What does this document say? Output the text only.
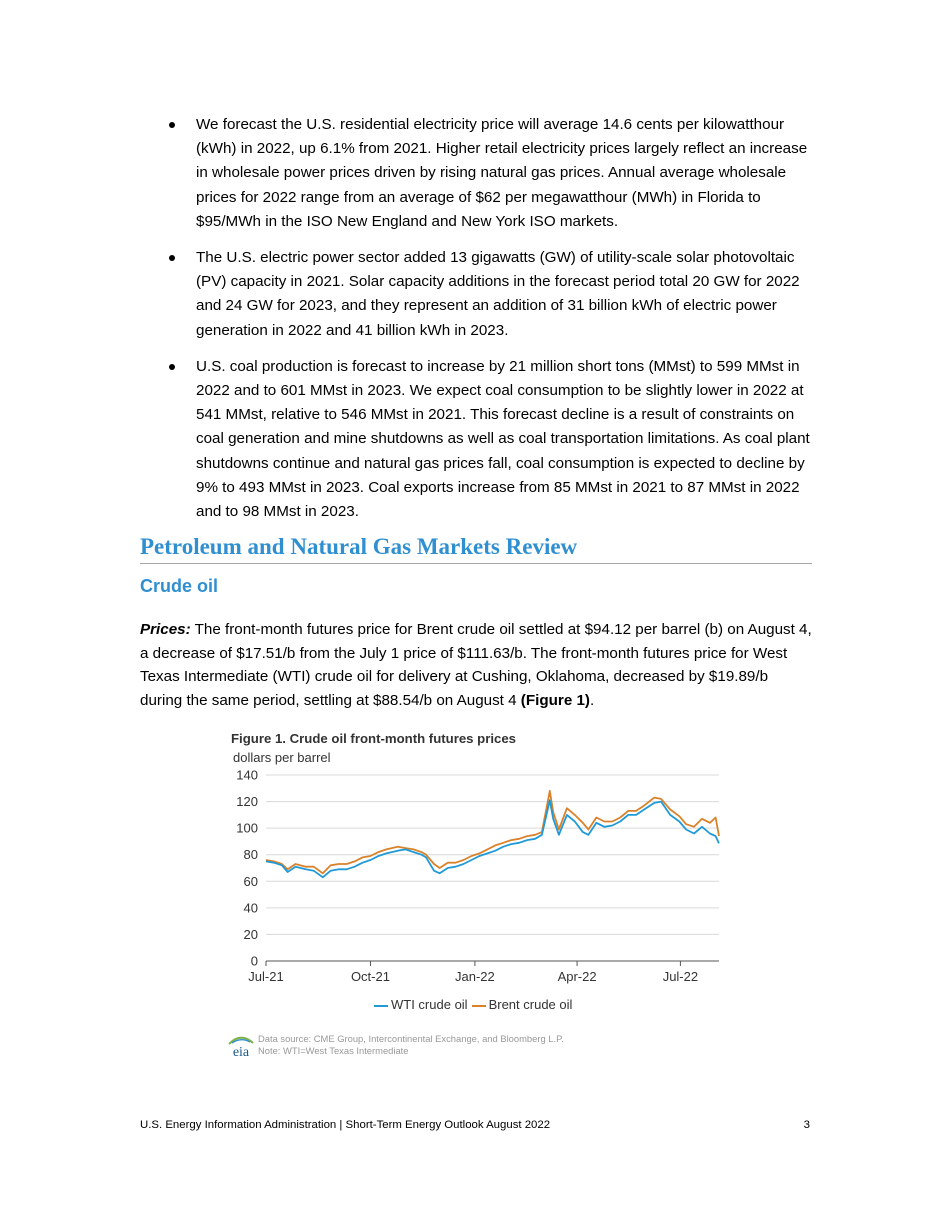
We forecast the U.S. residential electricity price will average 14.6 cents per kilowatthour (kWh) in 2022, up 6.1% from 2021. Higher retail electricity prices largely reflect an increase in wholesale power prices driven by rising natural gas prices. Annual average wholesale prices for 2022 range from an average of $62 per megawatthour (MWh) in Florida to $95/MWh in the ISO New England and New York ISO markets.
The U.S. electric power sector added 13 gigawatts (GW) of utility-scale solar photovoltaic (PV) capacity in 2021. Solar capacity additions in the forecast period total 20 GW for 2022 and 24 GW for 2023, and they represent an addition of 31 billion kWh of electric power generation in 2022 and 41 billion kWh in 2023.
U.S. coal production is forecast to increase by 21 million short tons (MMst) to 599 MMst in 2022 and to 601 MMst in 2023. We expect coal consumption to be slightly lower in 2022 at 541 MMst, relative to 546 MMst in 2021. This forecast decline is a result of constraints on coal generation and mine shutdowns as well as coal transportation limitations. As coal plant shutdowns continue and natural gas prices fall, coal consumption is expected to decline by 9% to 493 MMst in 2023. Coal exports increase from 85 MMst in 2021 to 87 MMst in 2022 and to 98 MMst in 2023.
Petroleum and Natural Gas Markets Review
Crude oil

Prices: The front-month futures price for Brent crude oil settled at $94.12 per barrel (b) on August 4, a decrease of $17.51/b from the July 1 price of $111.63/b. The front-month futures price for West Texas Intermediate (WTI) crude oil for delivery at Cushing, Oklahoma, decreased by $19.89/b during the same period, settling at $88.54/b on August 4 (Figure 1).

Figure 1. Crude oil front-month futures prices

dollars per barrel

0
20
40
60
80
100
120
140
Jul-21	Oct-21	Jan-22	Apr-22	Jul-22
WTI crude oil Brent crude oil
eia
Data source: CME Group, Intercontinental Exchange, and Bloomberg L.P.
Note: WTI=West Texas Intermediate
U.S. Energy Information Administration | Short-Term Energy Outlook August 2022	3
